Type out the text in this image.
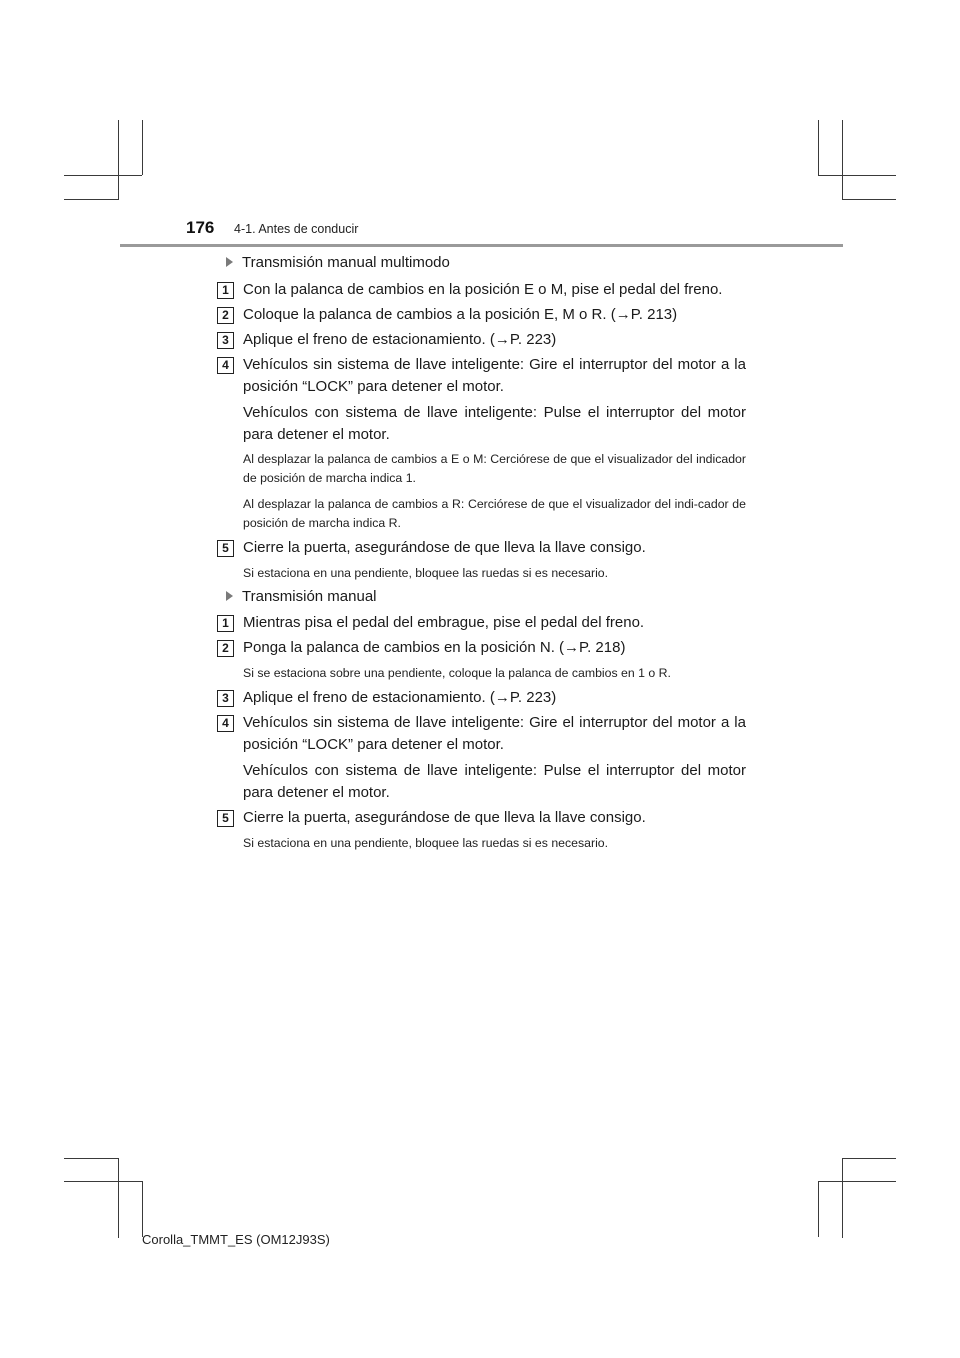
176 4-1. Antes de conducir
Transmisión manual multimodo
1 Con la palanca de cambios en la posición E o M, pise el pedal del freno.
2 Coloque la palanca de cambios a la posición E, M o R. (→P. 213)
3 Aplique el freno de estacionamiento. (→P. 223)
4 Vehículos sin sistema de llave inteligente: Gire el interruptor del motor a la posición “LOCK” para detener el motor.
Vehículos con sistema de llave inteligente: Pulse el interruptor del motor para detener el motor.
Al desplazar la palanca de cambios a E o M: Cerciórese de que el visualizador del indicador de posición de marcha indica 1.
Al desplazar la palanca de cambios a R: Cerciórese de que el visualizador del indi-cador de posición de marcha indica R.
5 Cierre la puerta, asegurándose de que lleva la llave consigo.
Si estaciona en una pendiente, bloquee las ruedas si es necesario.
Transmisión manual
1 Mientras pisa el pedal del embrague, pise el pedal del freno.
2 Ponga la palanca de cambios en la posición N. (→P. 218)
Si se estaciona sobre una pendiente, coloque la palanca de cambios en 1 o R.
3 Aplique el freno de estacionamiento. (→P. 223)
4 Vehículos sin sistema de llave inteligente: Gire el interruptor del motor a la posición “LOCK” para detener el motor.
Vehículos con sistema de llave inteligente: Pulse el interruptor del motor para detener el motor.
5 Cierre la puerta, asegurándose de que lleva la llave consigo.
Si estaciona en una pendiente, bloquee las ruedas si es necesario.
Corolla_TMMT_ES (OM12J93S)
